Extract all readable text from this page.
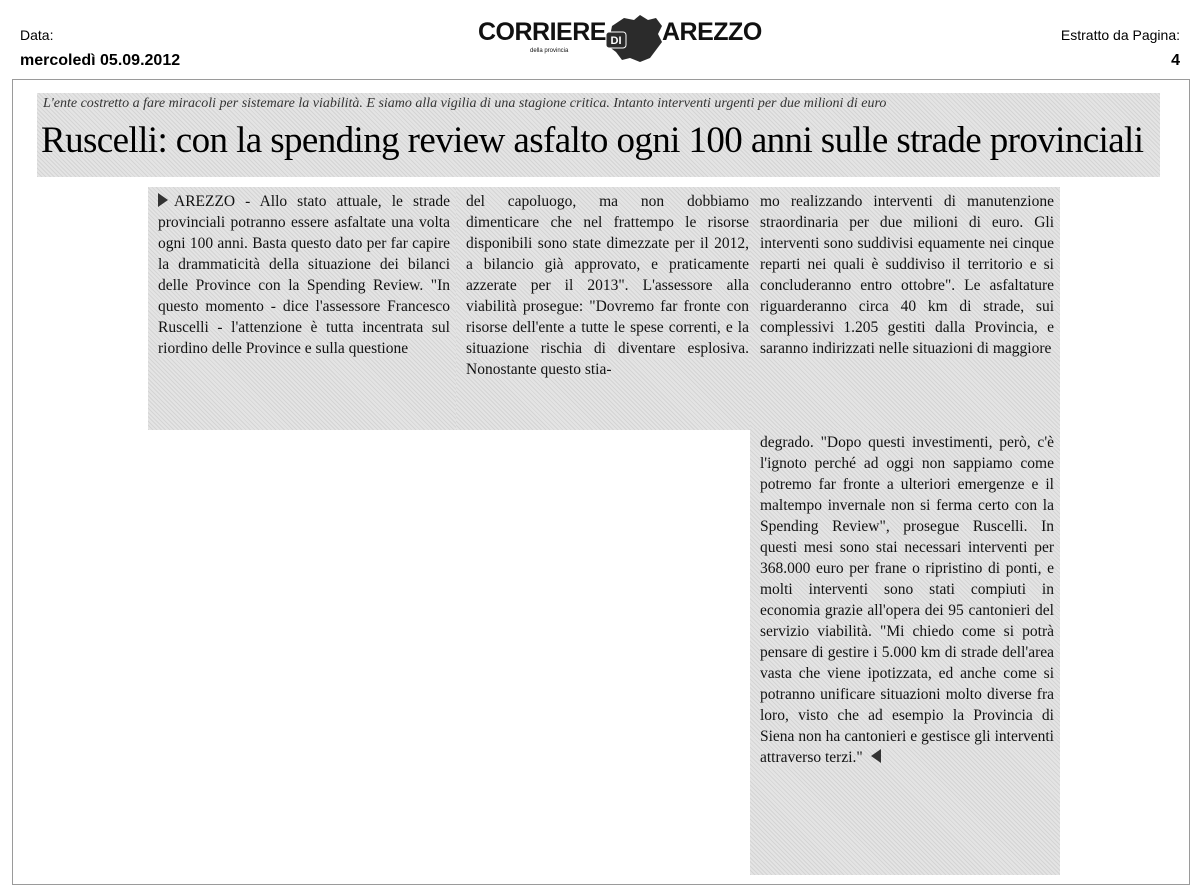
Data:
mercoledì 05.09.2012
Estratto da Pagina:
4
CORRIERE DI AREZZO
della provincia
L'ente costretto a fare miracoli per sistemare la viabilità. E siamo alla vigilia di una stagione critica. Intanto interventi urgenti per due milioni di euro
Ruscelli: con la spending review asfalto ogni 100 anni sulle strade provinciali
AREZZO - Allo stato attuale, le strade provinciali potranno essere asfaltate una volta ogni 100 anni. Basta questo dato per far capire la drammaticità della situazione dei bilanci delle Province con la Spending Review. "In questo momento - dice l'assessore Francesco Ruscelli - l'attenzione è tutta incentrata sul riordino delle Province e sulla questione
del capoluogo, ma non dobbiamo dimenticare che nel frattempo le risorse disponibili sono state dimezzate per il 2012, a bilancio già approvato, e praticamente azzerate per il 2013". L'assessore alla viabilità prosegue: "Dovremo far fronte con risorse dell'ente a tutte le spese correnti, e la situazione rischia di diventare esplosiva. Nonostante questo stia-
mo realizzando interventi di manutenzione straordinaria per due milioni di euro. Gli interventi sono suddivisi equamente nei cinque reparti nei quali è suddiviso il territorio e si concluderanno entro ottobre". Le asfaltature riguarderanno circa 40 km di strade, sui complessivi 1.205 gestiti dalla Provincia, e saranno indirizzati nelle situazioni di maggiore
degrado. "Dopo questi investimenti, però, c'è l'ignoto perché ad oggi non sappiamo come potremo far fronte a ulteriori emergenze e il maltempo invernale non si ferma certo con la Spending Review", prosegue Ruscelli. In questi mesi sono stai necessari interventi per 368.000 euro per frane o ripristino di ponti, e molti interventi sono stati compiuti in economia grazie all'opera dei 95 cantonieri del servizio viabilità. "Mi chiedo come si potrà pensare di gestire i 5.000 km di strade dell'area vasta che viene ipotizzata, ed anche come si potranno unificare situazioni molto diverse fra loro, visto che ad esempio la Provincia di Siena non ha cantonieri e gestisce gli interventi attraverso terzi."
